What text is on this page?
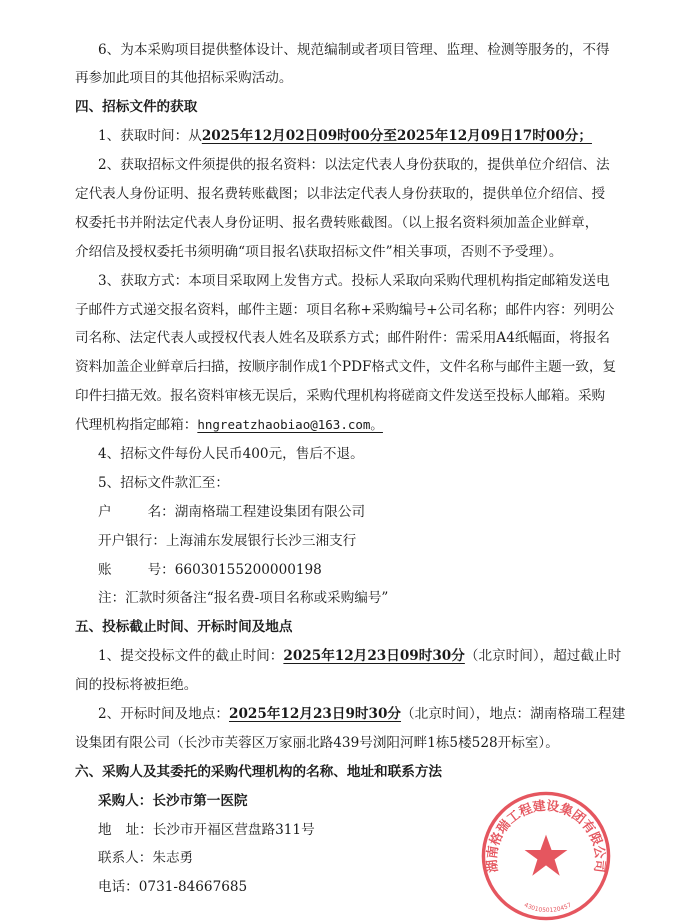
6、为本采购项目提供整体设计、规范编制或者项目管理、监理、检测等服务的，不得
再参加此项目的其他招标采购活动。
四、招标文件的获取
1、获取时间：从2025年12月02日09时00分至2025年12月09日17时00分；
2、获取招标文件须提供的报名资料：以法定代表人身份获取的，提供单位介绍信、法
定代表人身份证明、报名费转账截图；以非法定代表人身份获取的，提供单位介绍信、授
权委托书并附法定代表人身份证明、报名费转账截图。（以上报名资料须加盖企业鲜章，
介绍信及授权委托书须明确“项目报名\获取招标文件”相关事项，否则不予受理）。
3、获取方式：本项目采取网上发售方式。投标人采取向采购代理机构指定邮箱发送电
子邮件方式递交报名资料，邮件主题：项目名称+采购编号+公司名称；邮件内容：列明公
司名称、法定代表人或授权代表人姓名及联系方式；邮件附件：需采用A4纸幅面，将报名
资料加盖企业鲜章后扫描，按顺序制作成1个PDF格式文件，文件名称与邮件主题一致，复
印件扫描无效。报名资料审核无误后，采购代理机构将磋商文件发送至投标人邮箱。采购
代理机构指定邮箱：hngreatzhaobiao@163.com。
4、招标文件每份人民币400元，售后不退。
5、招标文件款汇至：
户	名：湖南格瑞工程建设集团有限公司
开户银行：上海浦东发展银行长沙三湘支行
账	号：66030155200000198
注：汇款时须备注“报名费-项目名称或采购编号”
五、投标截止时间、开标时间及地点
1、提交投标文件的截止时间：2025年12月23日09时30分（北京时间），超过截止时
间的投标将被拒绝。
2、开标时间及地点：2025年12月23日9时30分（北京时间），地点：湖南格瑞工程建
设集团有限公司（长沙市芙蓉区万家丽北路439号浏阳河畔1栋5楼528开标室）。
六、采购人及其委托的采购代理机构的名称、地址和联系方法
采购人：长沙市第一医院
地 址：长沙市开福区营盘路311号
联系人：朱志勇
电话：0731-84667685
湖南格瑞工程建设集团有限公司
4301050120457
